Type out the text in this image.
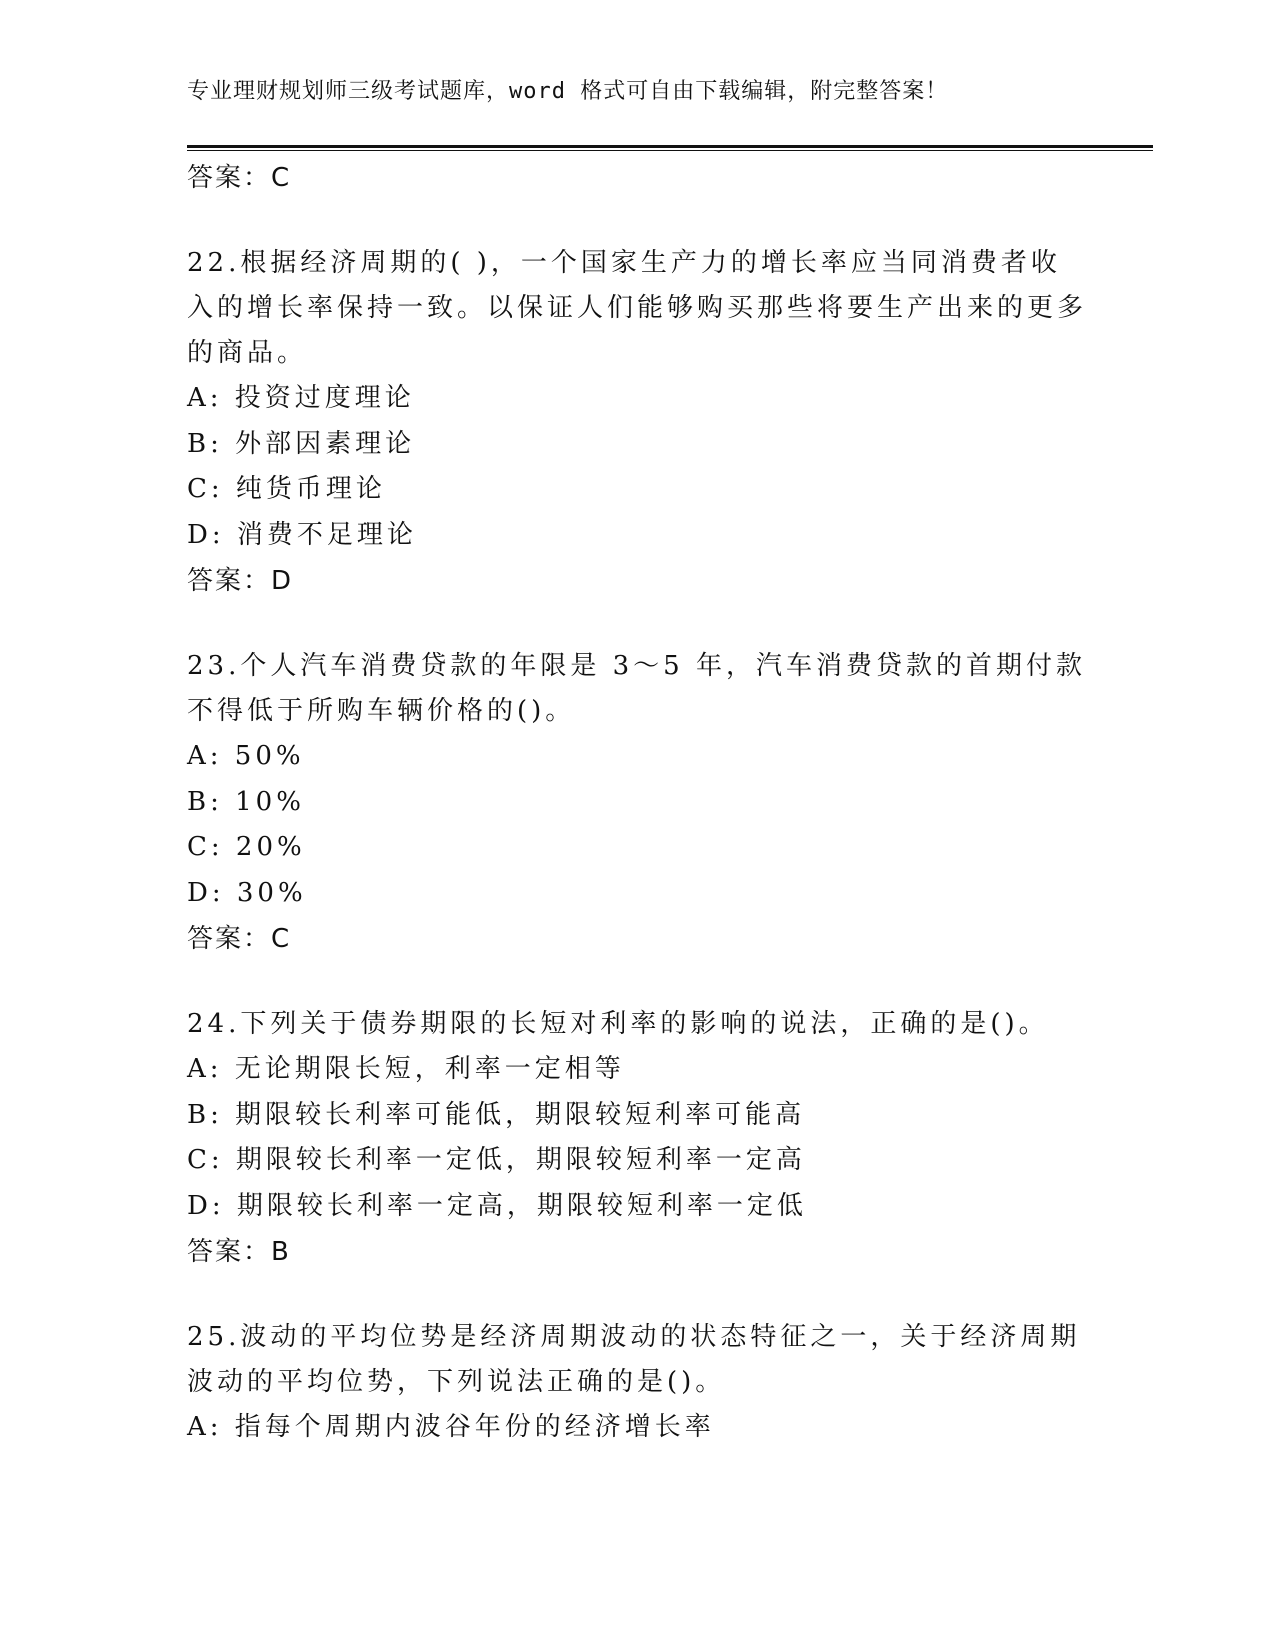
专业理财规划师三级考试题库，word 格式可自由下载编辑，附完整答案！
答案：C
22.根据经济周期的( )，一个国家生产力的增长率应当同消费者收入的增长率保持一致。以保证人们能够购买那些将要生产出来的更多的商品。
A: 投资过度理论
B: 外部因素理论
C: 纯货币理论
D: 消费不足理论
答案：D
23.个人汽车消费贷款的年限是 3～5 年，汽车消费贷款的首期付款不得低于所购车辆价格的()。
A: 50%
B: 10%
C: 20%
D: 30%
答案：C
24.下列关于债券期限的长短对利率的影响的说法，正确的是()。
A: 无论期限长短，利率一定相等
B: 期限较长利率可能低，期限较短利率可能高
C: 期限较长利率一定低，期限较短利率一定高
D: 期限较长利率一定高，期限较短利率一定低
答案：B
25.波动的平均位势是经济周期波动的状态特征之一，关于经济周期波动的平均位势，下列说法正确的是()。
A: 指每个周期内波谷年份的经济增长率
